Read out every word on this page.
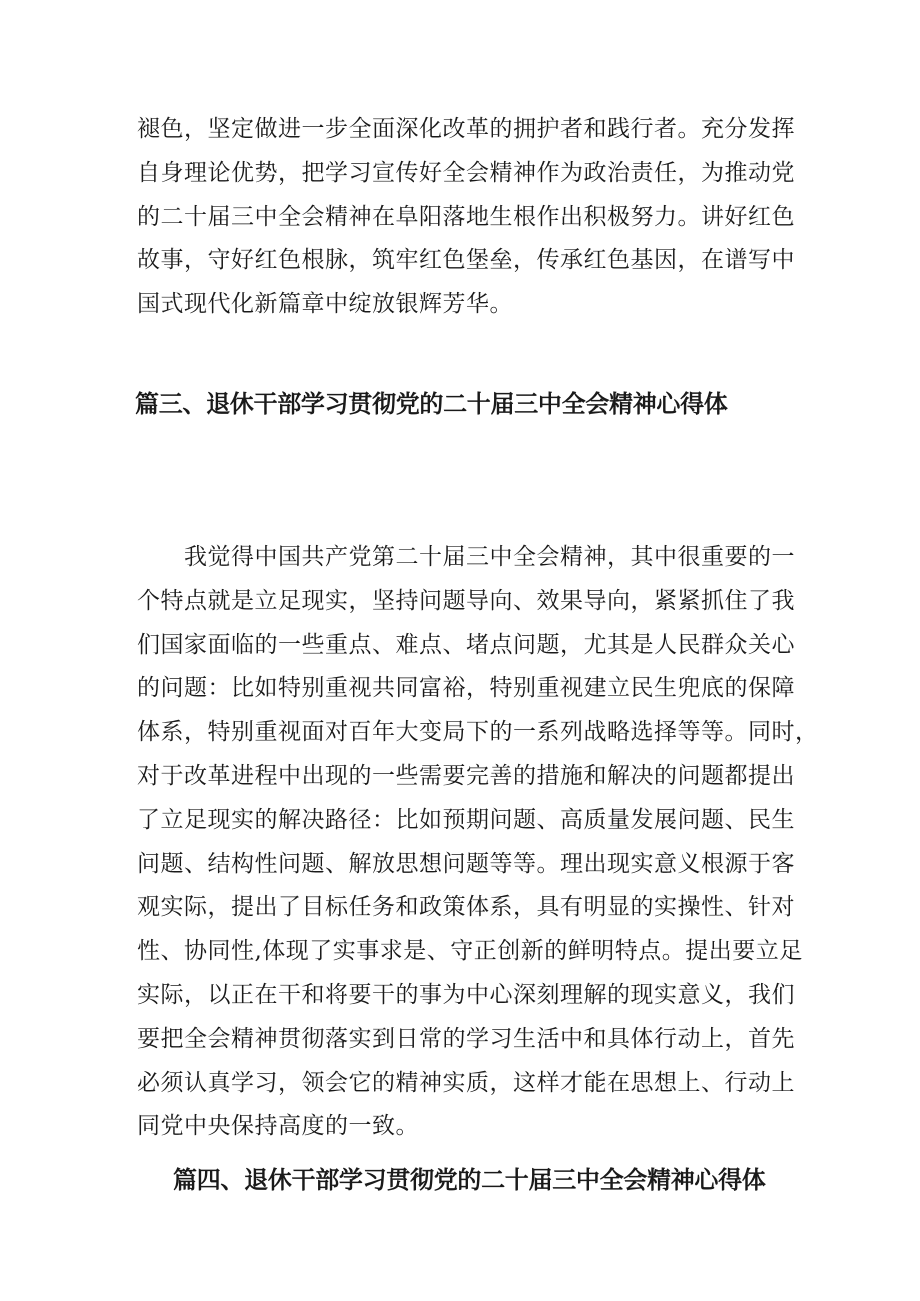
褪色，坚定做进一步全面深化改革的拥护者和践行者。充分发挥
自身理论优势，把学习宣传好全会精神作为政治责任，为推动党
的二十届三中全会精神在阜阳落地生根作出积极努力。讲好红色
故事，守好红色根脉，筑牢红色堡垒，传承红色基因，在谱写中
国式现代化新篇章中绽放银辉芳华。
篇三、退休干部学习贯彻党的二十届三中全会精神心得体
　　我觉得中国共产党第二十届三中全会精神，其中很重要的一
个特点就是立足现实，坚持问题导向、效果导向，紧紧抓住了我
们国家面临的一些重点、难点、堵点问题，尤其是人民群众关心
的问题：比如特别重视共同富裕，特别重视建立民生兜底的保障
体系，特别重视面对百年大变局下的一系列战略选择等等。同时，
对于改革进程中出现的一些需要完善的措施和解决的问题都提出
了立足现实的解决路径：比如预期问题、高质量发展问题、民生
问题、结构性问题、解放思想问题等等。理出现实意义根源于客
观实际，提出了目标任务和政策体系，具有明显的实操性、针对
性、协同性,体现了实事求是、守正创新的鲜明特点。提出要立足
实际，以正在干和将要干的事为中心深刻理解的现实意义，我们
要把全会精神贯彻落实到日常的学习生活中和具体行动上，首先
必须认真学习，领会它的精神实质，这样才能在思想上、行动上
同党中央保持高度的一致。
篇四、退休干部学习贯彻党的二十届三中全会精神心得体
